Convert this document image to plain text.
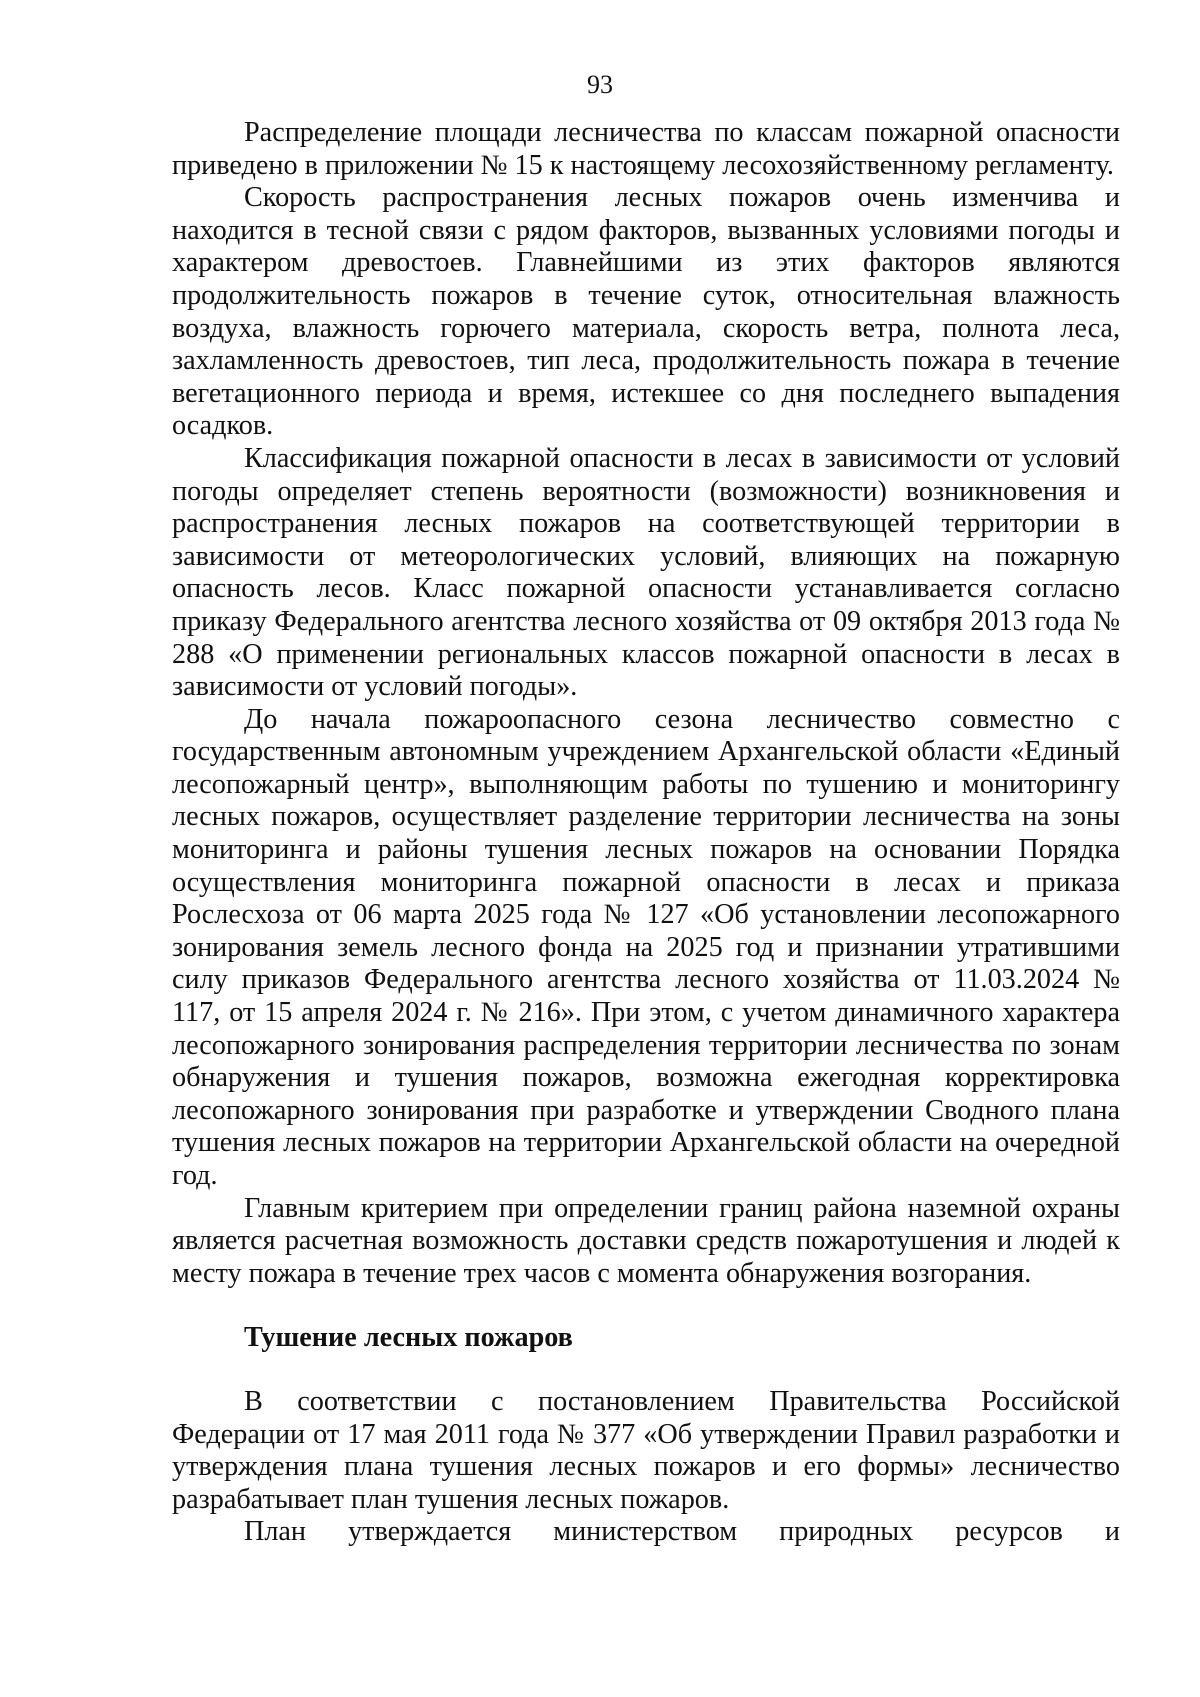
93

Распределение площади лесничества по классам пожарной опасности приведено в приложении № 15 к настоящему лесохозяйственному регламенту.

Скорость распространения лесных пожаров очень изменчива и находится в тесной связи с рядом факторов, вызванных условиями погоды и характером древостоев. Главнейшими из этих факторов являются продолжительность пожаров в течение суток, относительная влажность воздуха, влажность горючего материала, скорость ветра, полнота леса, захламленность древостоев, тип леса, продолжительность пожара в течение вегетационного периода и время, истекшее со дня последнего выпадения осадков.

Классификация пожарной опасности в лесах в зависимости от условий погоды определяет степень вероятности (возможности) возникновения и распространения лесных пожаров на соответствующей территории в зависимости от метеорологических условий, влияющих на пожарную опасность лесов. Класс пожарной опасности устанавливается согласно приказу Федерального агентства лесного хозяйства от 09 октября 2013 года № 288 «О применении региональных классов пожарной опасности в лесах в зависимости от условий погоды».

До начала пожароопасного сезона лесничество совместно с государственным автономным учреждением Архангельской области «Единый лесопожарный центр», выполняющим работы по тушению и мониторингу лесных пожаров, осуществляет разделение территории лесничества на зоны мониторинга и районы тушения лесных пожаров на основании Порядка осуществления мониторинга пожарной опасности в лесах и приказа Рослесхоза от 06 марта 2025 года № 127 «Об установлении лесопожарного зонирования земель лесного фонда на 2025 год и признании утратившими силу приказов Федерального агентства лесного хозяйства от 11.03.2024 № 117, от 15 апреля 2024 г. № 216». При этом, с учетом динамичного характера лесопожарного зонирования распределения территории лесничества по зонам обнаружения и тушения пожаров, возможна ежегодная корректировка лесопожарного зонирования при разработке и утверждении Сводного плана тушения лесных пожаров на территории Архангельской области на очередной год.

Главным критерием при определении границ района наземной охраны является расчетная возможность доставки средств пожаротушения и людей к месту пожара в течение трех часов с момента обнаружения возгорания.

Тушение лесных пожаров

В соответствии с постановлением Правительства Российской Федерации от 17 мая 2011 года № 377 «Об утверждении Правил разработки и утверждения плана тушения лесных пожаров и его формы» лесничество разрабатывает план тушения лесных пожаров.

План утверждается министерством природных ресурсов и
